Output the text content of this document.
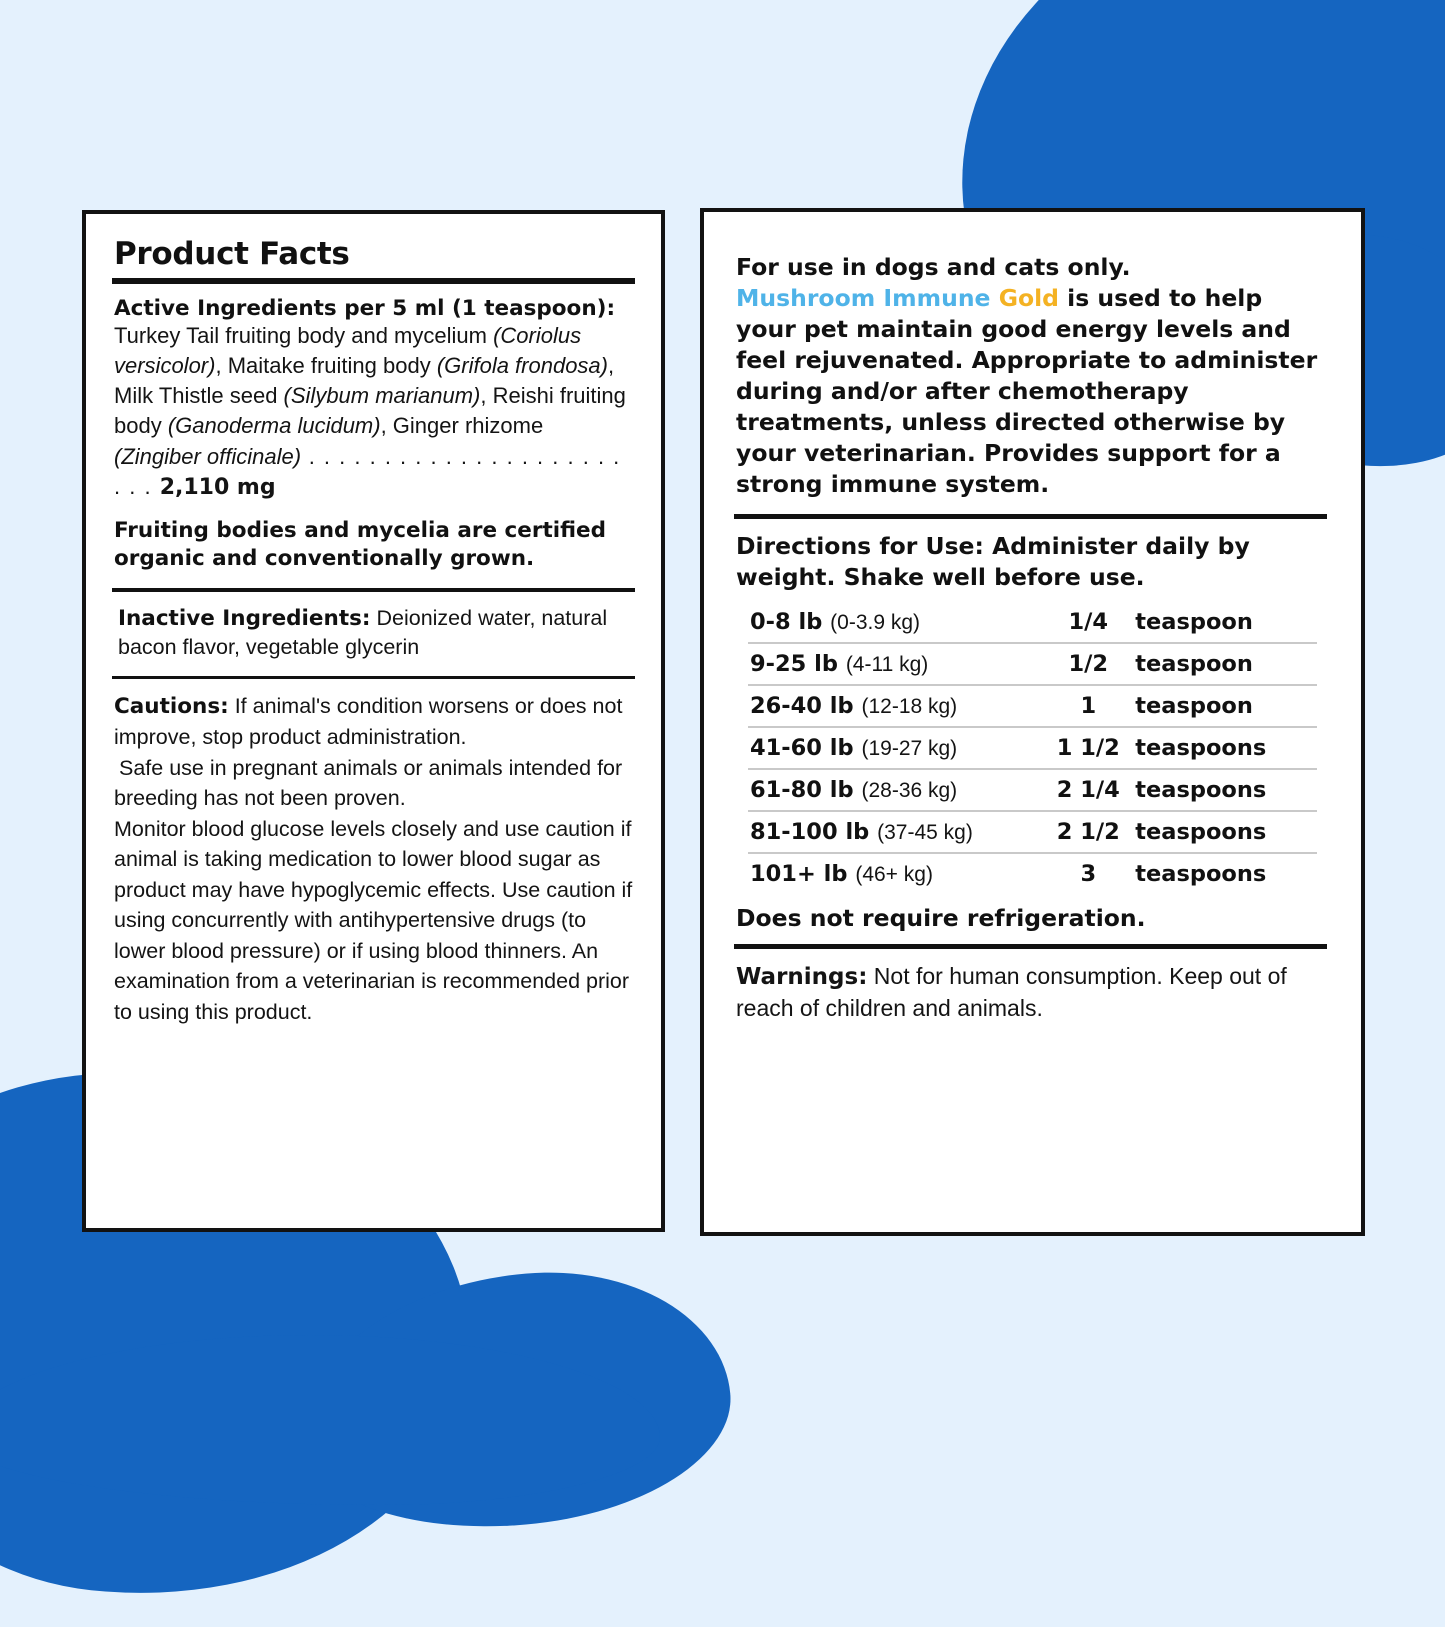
Product Facts
Active Ingredients per 5 ml (1 teaspoon):
Turkey Tail fruiting body and mycelium (Coriolus versicolor), Maitake fruiting body (Grifola frondosa), Milk Thistle seed (Silybum marianum), Reishi fruiting body (Ganoderma lucidum), Ginger rhizome (Zingiber officinale) . . . . . . . . . . . . . . . . . . . . . . . . 2,110 mg
Fruiting bodies and mycelia are certified organic and conventionally grown.
Inactive Ingredients: Deionized water, natural bacon flavor, vegetable glycerin

Cautions: If animal's condition worsens or does not improve, stop product administration.

Safe use in pregnant animals or animals intended for breeding has not been proven.

Monitor blood glucose levels closely and use caution if animal is taking medication to lower blood sugar as product may have hypoglycemic effects. Use caution if using concurrently with antihypertensive drugs (to lower blood pressure) or if using blood thinners. An examination from a veterinarian is recommended prior to using this product.

For use in dogs and cats only.
Mushroom Immune Gold is used to help your pet maintain good energy levels and feel rejuvenated. Appropriate to administer during and/or after chemotherapy treatments, unless directed otherwise by your veterinarian. Provides support for a strong immune system.
Directions for Use: Administer daily by weight. Shake well before use.
0-8 lb (0-3.9 kg)	1/4	teaspoon
9-25 lb (4-11 kg)	1/2	teaspoon
26-40 lb (12-18 kg)	1	teaspoon
41-60 lb (19-27 kg)	1 1/2	teaspoons
61-80 lb (28-36 kg)	2 1/4	teaspoons
81-100 lb (37-45 kg)	2 1/2	teaspoons
101+ lb (46+ kg)	3	teaspoons
Does not require refrigeration.
Warnings: Not for human consumption. Keep out of reach of children and animals.
